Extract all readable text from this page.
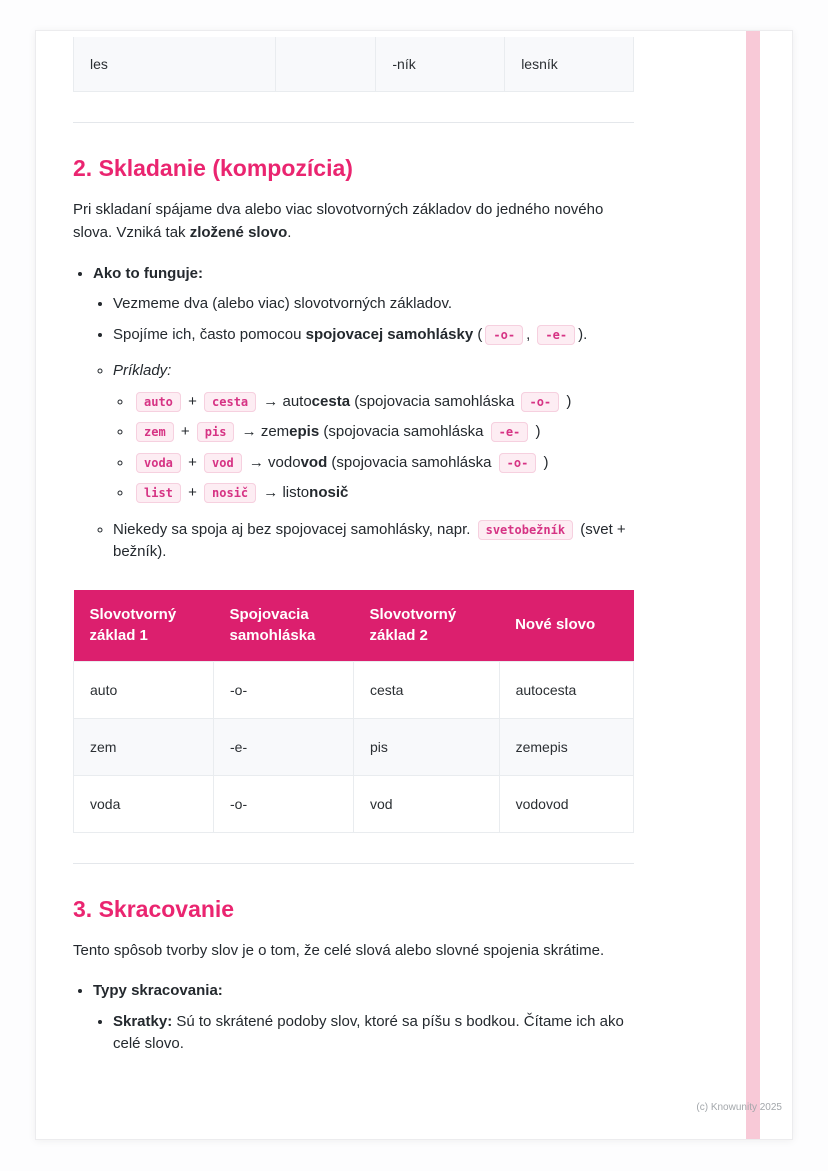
les		-ník	lesník
2. Skladanie (kompozícia)

Pri skladaní spájame dva alebo viac slovotvorných základov do jedného nového slova. Vzniká tak zložené slovo.

• Ako to funguje:
• Vezmeme dva (alebo viac) slovotvorných základov.
• Spojíme ich, často pomocou spojovacej samohlásky ( -o- , -e- ).
◦ Príklady:
◦ auto + cesta → autocesta (spojovacia samohláska -o- )
◦ zem + pis → zemepis (spojovacia samohláska -e- )
◦ voda + vod → vodovod (spojovacia samohláska -o- )
◦ list + nosič → listonosič
◦ Niekedy sa spoja aj bez spojovacej samohlásky, napr. svetobežník (svet + bežník).
Slovotvorný základ 1	Spojovacia samohláska	Slovotvorný základ 2	Nové slovo
auto	-o-	cesta	autocesta
zem	-e-	pis	zemepis
voda	-o-	vod	vodovod
3. Skracovanie

Tento spôsob tvorby slov je o tom, že celé slová alebo slovné spojenia skrátime.

• Typy skracovania:
• Skratky: Sú to skrátené podoby slov, ktoré sa píšu s bodkou. Čítame ich ako celé slovo.
(c) Knowunity 2025
